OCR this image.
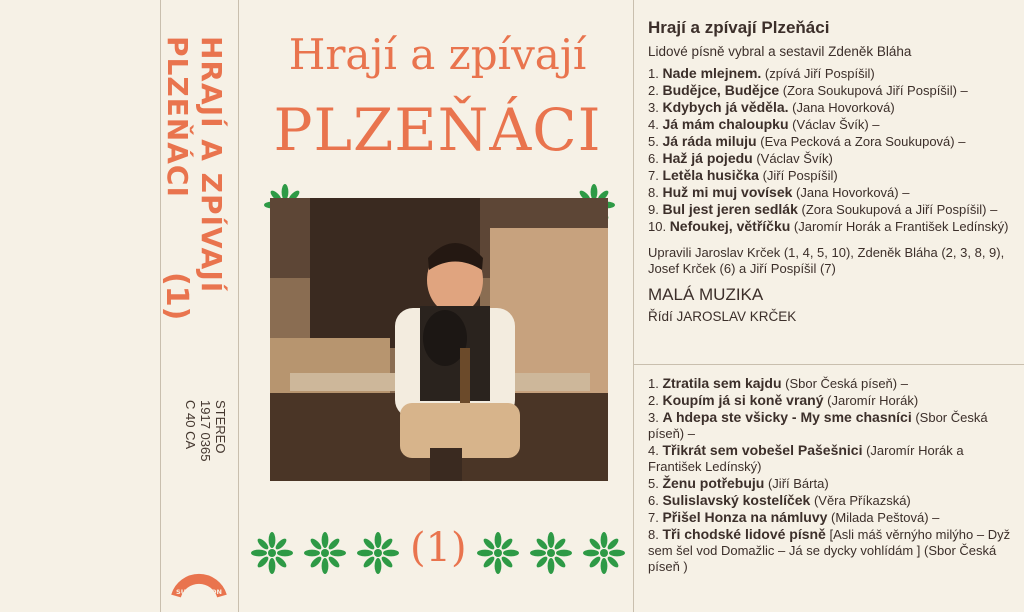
HRAJÍ A ZPÍVAJÍ
PLZEŇÁCI
(1)
STEREO
1917 0365
C 40 CA
SUPRAPHON
Hrají a zpívají
PLZEŇÁCI
(1)
Hrají a zpívají Plzeňáci
Lidové písně vybral a sestavil Zdeněk Bláha

1. Nade mlejnem. (zpívá Jiří Pospíšil)

2. Budějce, Budějce (Zora Soukupová Jiří Pospíšil) –

3. Kdybych já věděla. (Jana Hovorková)

4. Já mám chaloupku (Václav Švík) –

5. Já ráda miluju (Eva Pecková a Zora Soukupová) –

6. Haž já pojedu (Václav Švík)

7. Letěla husička (Jiří Pospíšil)

8. Huž mi muj vovísek (Jana Hovorková) –

9. Bul jest jeren sedlák (Zora Soukupová a Jiří Pospíšil) –

10. Nefoukej, větříčku (Jaromír Horák a František Ledínský)

Upravili Jaroslav Krček (1, 4, 5, 10), Zdeněk Bláha (2, 3, 8, 9), Josef Krček (6) a Jiří Pospíšil (7)

MALÁ MUZIKA
Řídí JAROSLAV KRČEK

1. Ztratila sem kajdu (Sbor Česká píseň) –

2. Koupím já si koně vraný (Jaromír Horák)

3. A hdepa ste všicky - My sme chasníci (Sbor Česká píseň) –

4. Třikrát sem vobešel Pašešnici (Jaromír Horák a František Ledínský)

5. Ženu potřebuju (Jiří Bárta)

6. Sulislavský kostelíček (Věra Příkazská)

7. Přišel Honza na námluvy (Milada Peštová) –

8. Tři chodské lidové písně [Asli máš věrnýho milýho – Dyž sem šel vod Domažlic – Já se dycky vohlídám ] (Sbor Česká píseň )
